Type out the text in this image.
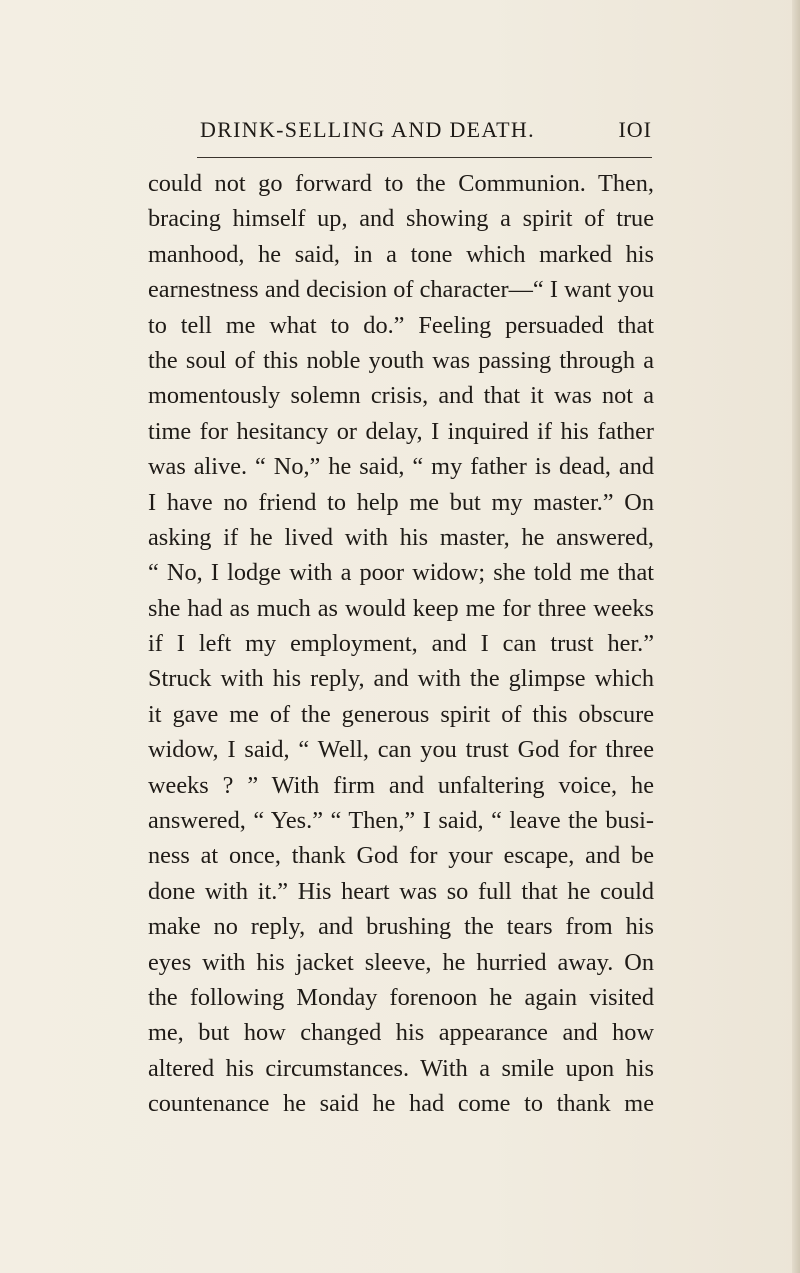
DRINK-SELLING AND DEATH.	IOI
could not go forward to the Communion. Then,
bracing himself up, and showing a spirit of true
manhood, he said, in a tone which marked his
earnestness and decision of character—“ I want you
to tell me what to do.” Feeling persuaded that
the soul of this noble youth was passing through a
momentously solemn crisis, and that it was not a
time for hesitancy or delay, I inquired if his father
was alive. “ No,” he said, “ my father is dead, and
I have no friend to help me but my master.” On
asking if he lived with his master, he answered,
“ No, I lodge with a poor widow; she told me that
she had as much as would keep me for three weeks
if I left my employment, and I can trust her.”
Struck with his reply, and with the glimpse which
it gave me of the generous spirit of this obscure
widow, I said, “ Well, can you trust God for three
weeks ? ” With firm and unfaltering voice, he
answered, “ Yes.” “ Then,” I said, “ leave the busi-
ness at once, thank God for your escape, and be
done with it.” His heart was so full that he could
make no reply, and brushing the tears from his
eyes with his jacket sleeve, he hurried away. On
the following Monday forenoon he again visited
me, but how changed his appearance and how
altered his circumstances. With a smile upon his
countenance he said he had come to thank me
